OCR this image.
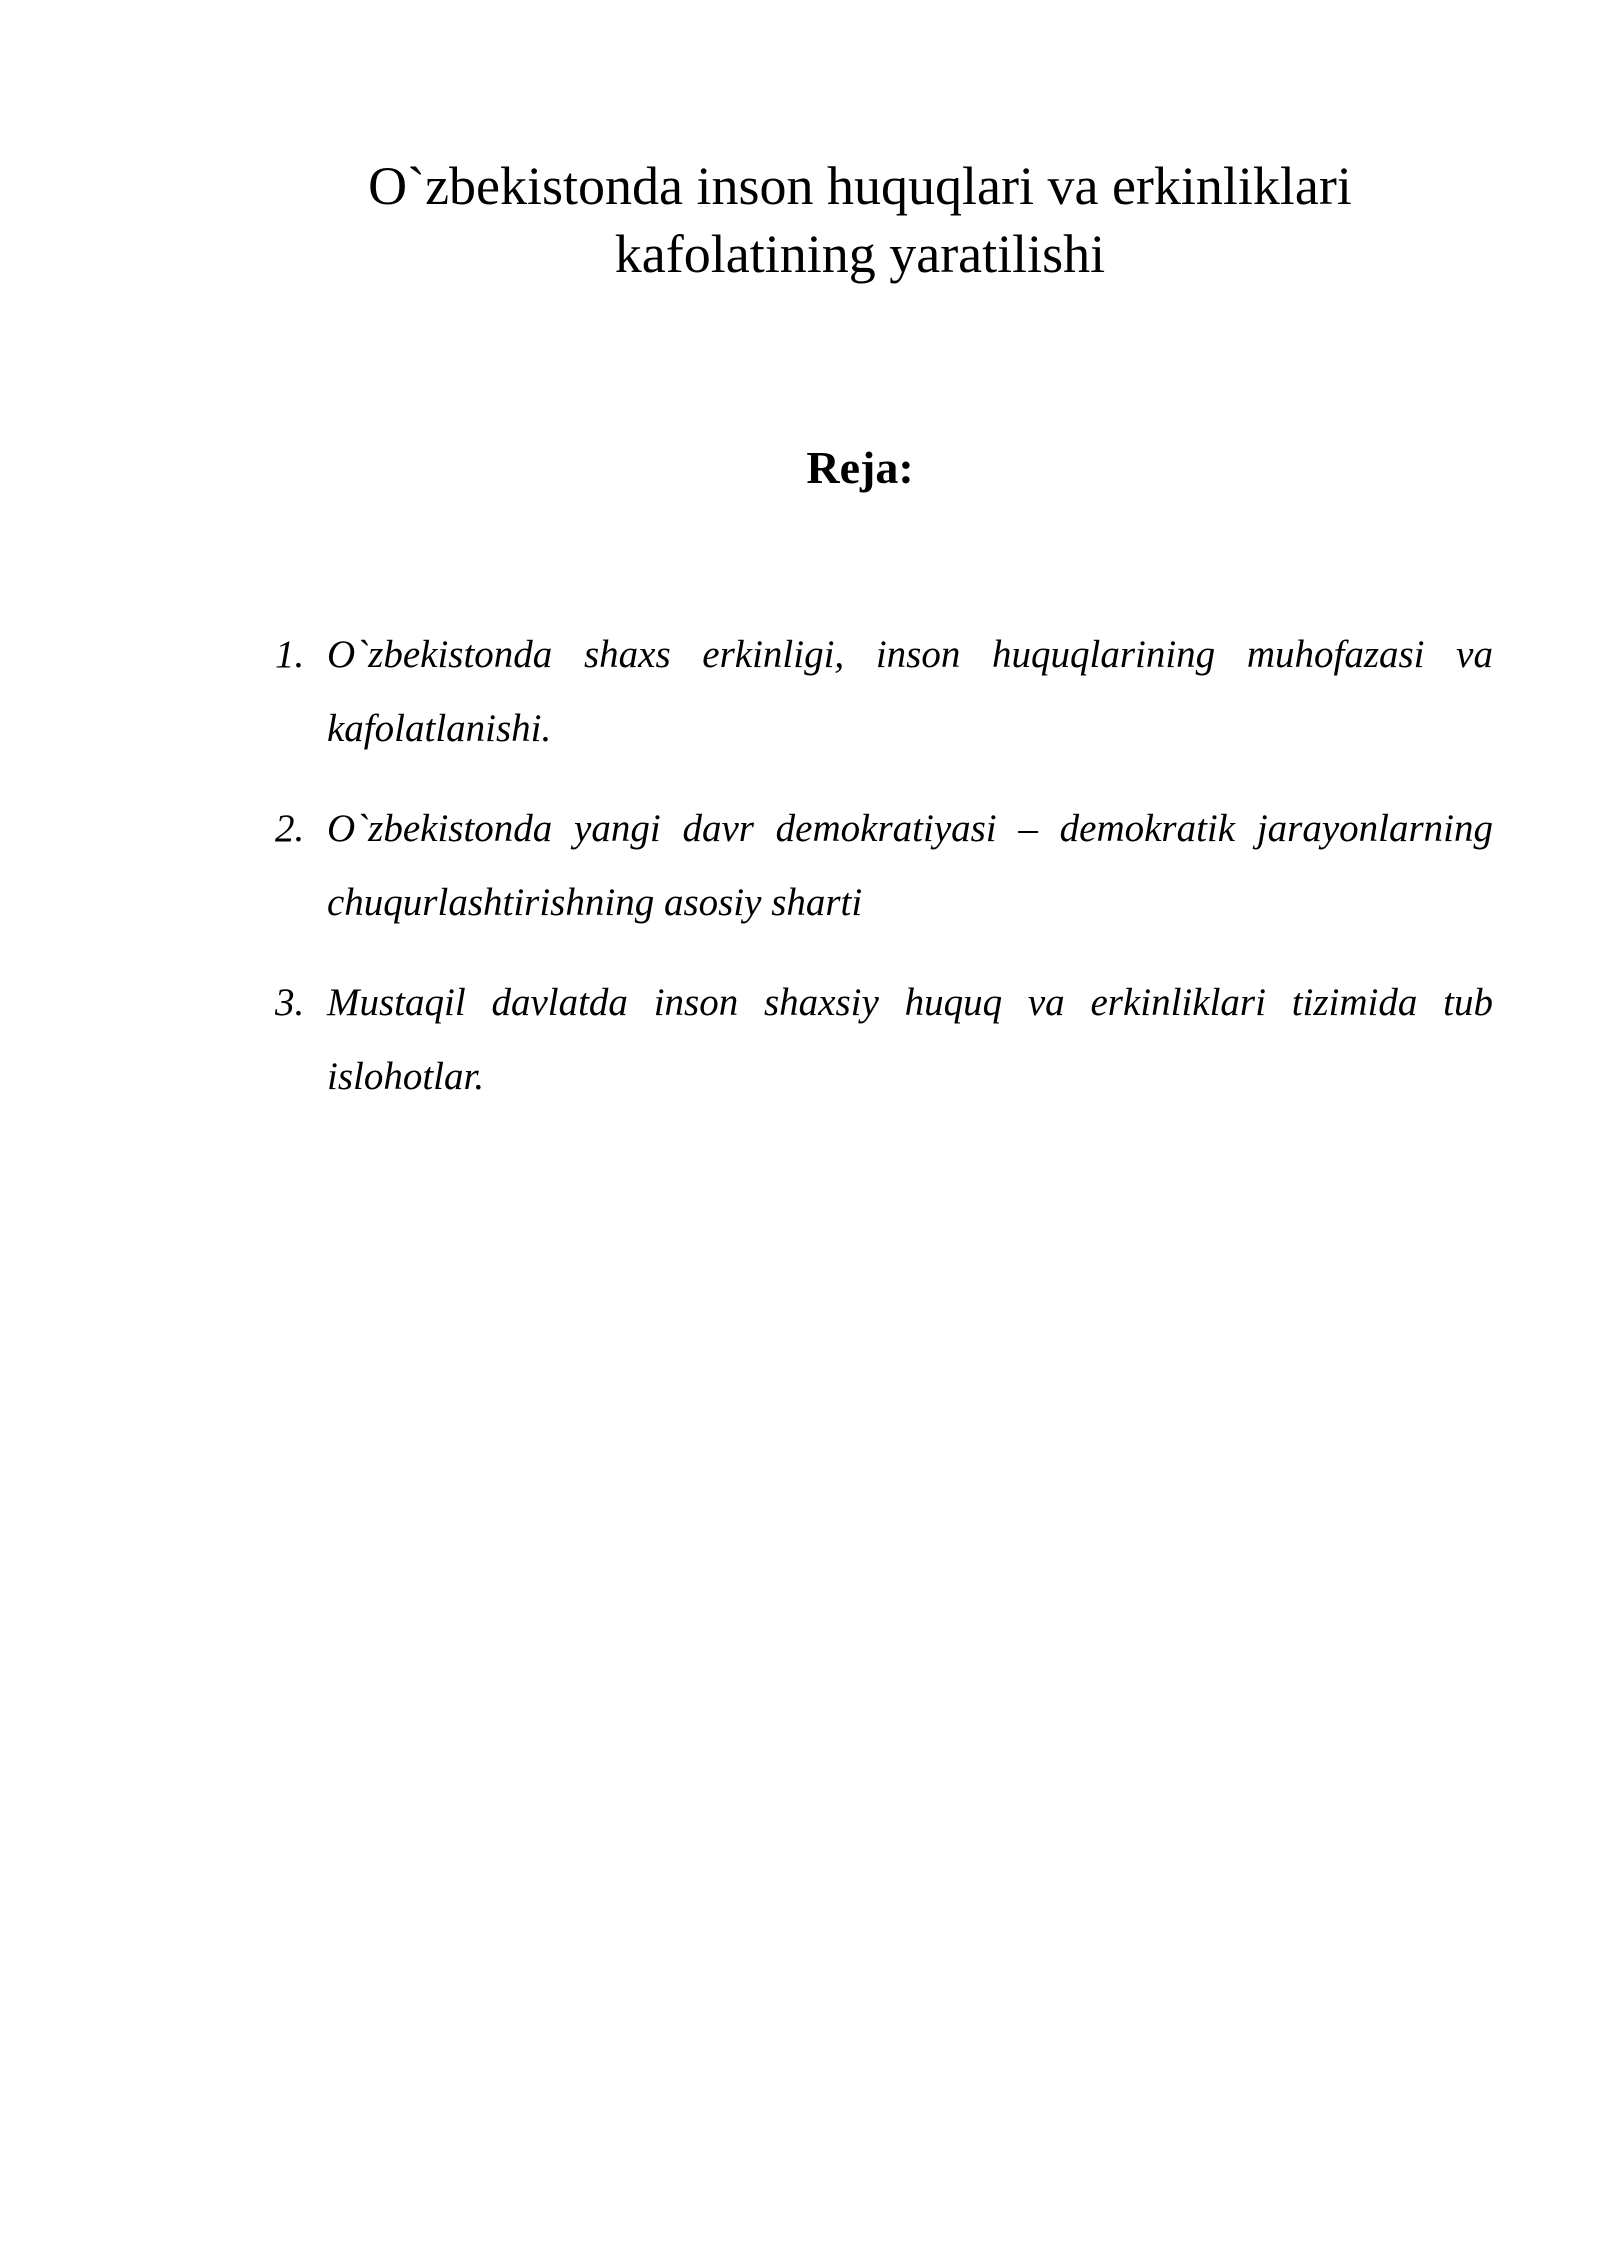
O`zbekistonda inson huquqlari va erkinliklari
kafolatining yaratilishi
Reja:
1. O`zbekistonda shaxs erkinligi, inson huquqlarining muhofazasi va kafolatlanishi.
2. O`zbekistonda yangi davr demokratiyasi – demokratik jarayonlarning chuqurlashtirishning asosiy sharti
3. Mustaqil davlatda inson shaxsiy huquq va erkinliklari tizimida tub islohotlar.
